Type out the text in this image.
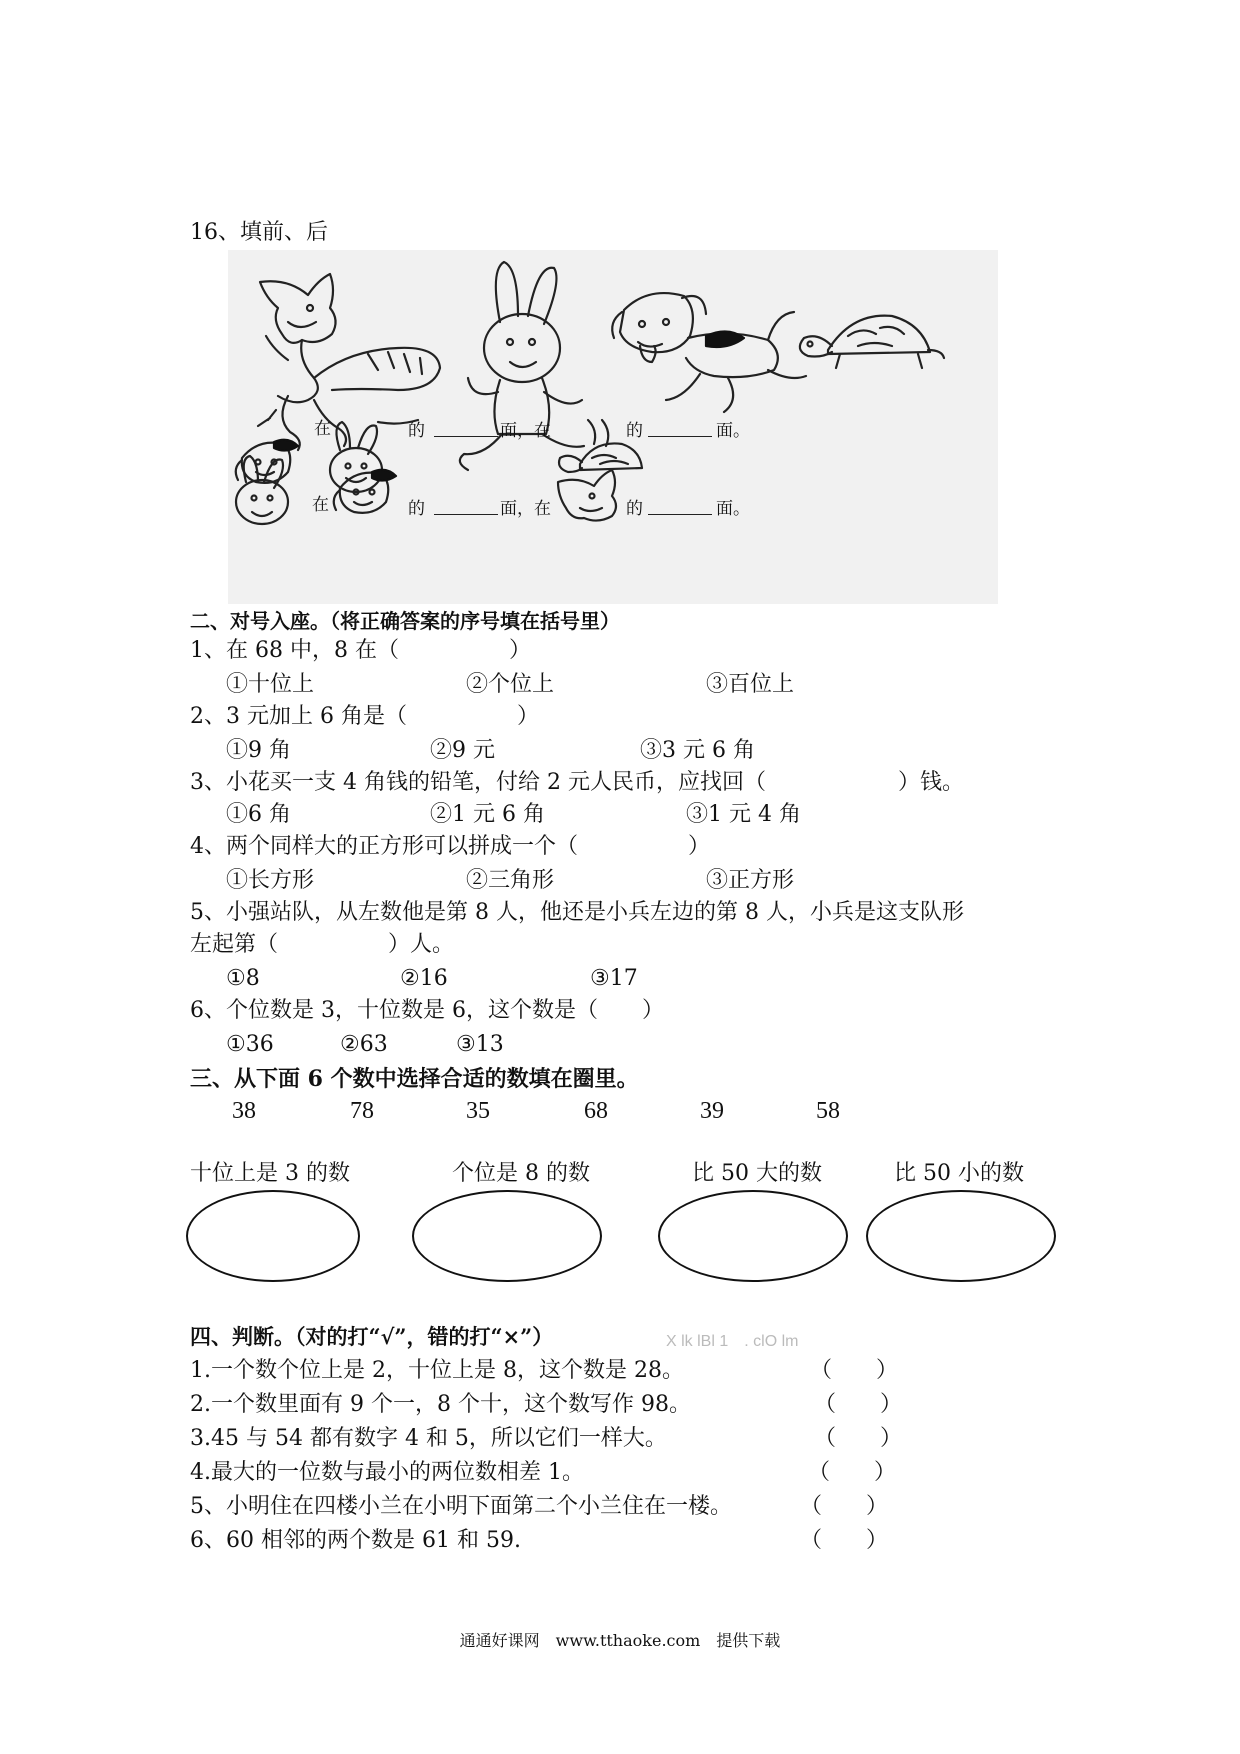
16、填前、后
在	的	面，在	的	面。
在	的	面，在	的	面。
二、对号入座。（将正确答案的序号填在括号里）
1、在 68 中，8 在（　　　　　）
①十位上	②个位上	③百位上
2、3 元加上 6 角是（　　　　　）
①9 角	②9 元	③3 元 6 角
3、小花买一支 4 角钱的铅笔，付给 2 元人民币，应找回（　　　　　　）钱。
①6 角	②1 元 6 角	③1 元 4 角
4、两个同样大的正方形可以拼成一个（　　　　　）
①长方形	②三角形	③正方形
5、小强站队，从左数他是第 8 人，他还是小兵左边的第 8 人，小兵是这支队形
左起第（　　　　　）人。
①8	②16	③17
6、个位数是 3，十位数是 6，这个数是（　　）
①36	②63	③13
三、从下面 6 个数中选择合适的数填在圈里。
38	78	35	68	39	58
十位上是 3 的数	个位是 8 的数	比 50 大的数	比 50 小的数
四、判断。（对的打“√”，错的打“×”）	X lk lBl 1　. clO lm
1.一个数个位上是 2，十位上是 8，这个数是 28。	（　　）
2.一个数里面有 9 个一，8 个十，这个数写作 98。	（　　）
3.45 与 54 都有数字 4 和 5，所以它们一样大。	（　　）
4.最大的一位数与最小的两位数相差 1。	（　　）
5、小明住在四楼小兰在小明下面第二个小兰住在一楼。	（　　）
6、60 相邻的两个数是 61 和 59.	（　　）
通通好课网　www.tthaoke.com　提供下载
